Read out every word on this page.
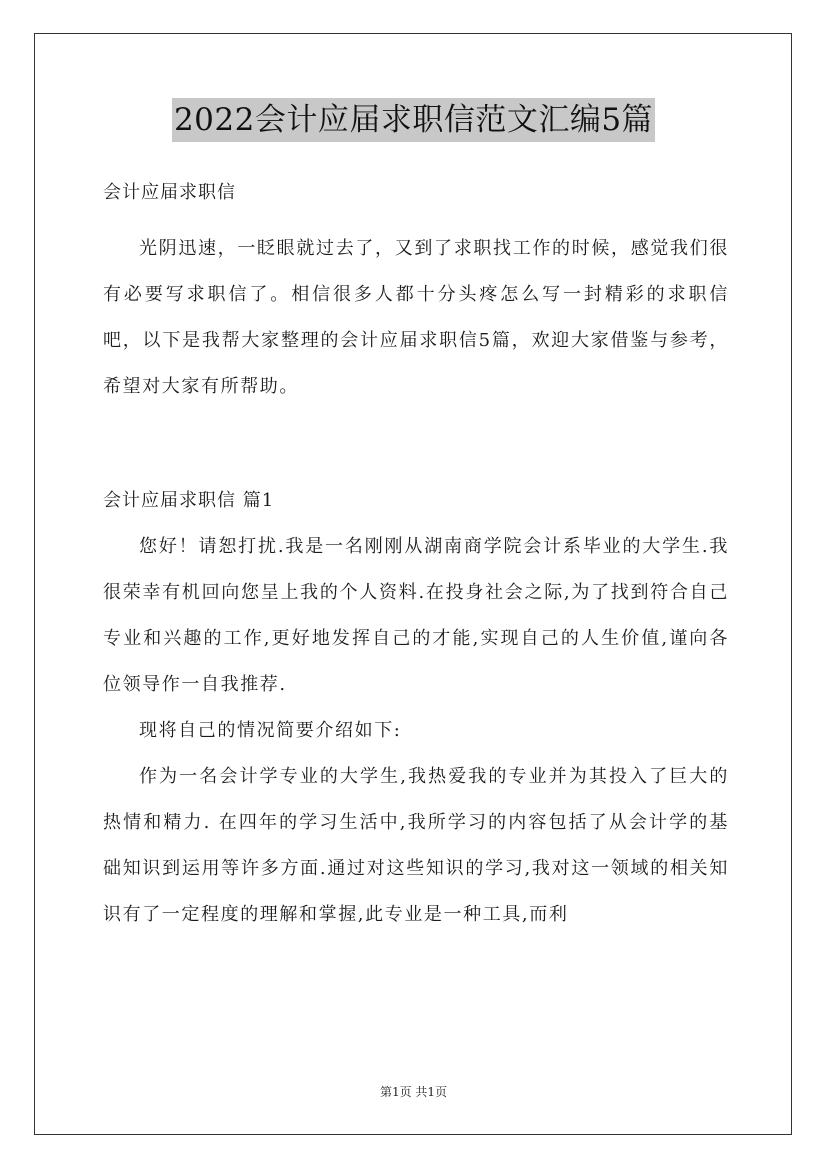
2022会计应届求职信范文汇编5篇

会计应届求职信

光阴迅速，一眨眼就过去了，又到了求职找工作的时候，感觉我们很有必要写求职信了。相信很多人都十分头疼怎么写一封精彩的求职信吧，以下是我帮大家整理的会计应届求职信5篇，欢迎大家借鉴与参考，希望对大家有所帮助。

会计应届求职信 篇1

您好！请恕打扰.我是一名刚刚从湖南商学院会计系毕业的大学生.我很荣幸有机回向您呈上我的个人资料.在投身社会之际,为了找到符合自己专业和兴趣的工作,更好地发挥自己的才能,实现自己的人生价值,谨向各位领导作一自我推荐.

现将自己的情况简要介绍如下:

作为一名会计学专业的大学生,我热爱我的专业并为其投入了巨大的热情和精力. 在四年的学习生活中,我所学习的内容包括了从会计学的基础知识到运用等许多方面.通过对这些知识的学习,我对这一领域的相关知识有了一定程度的理解和掌握,此专业是一种工具,而利

第1页 共1页
